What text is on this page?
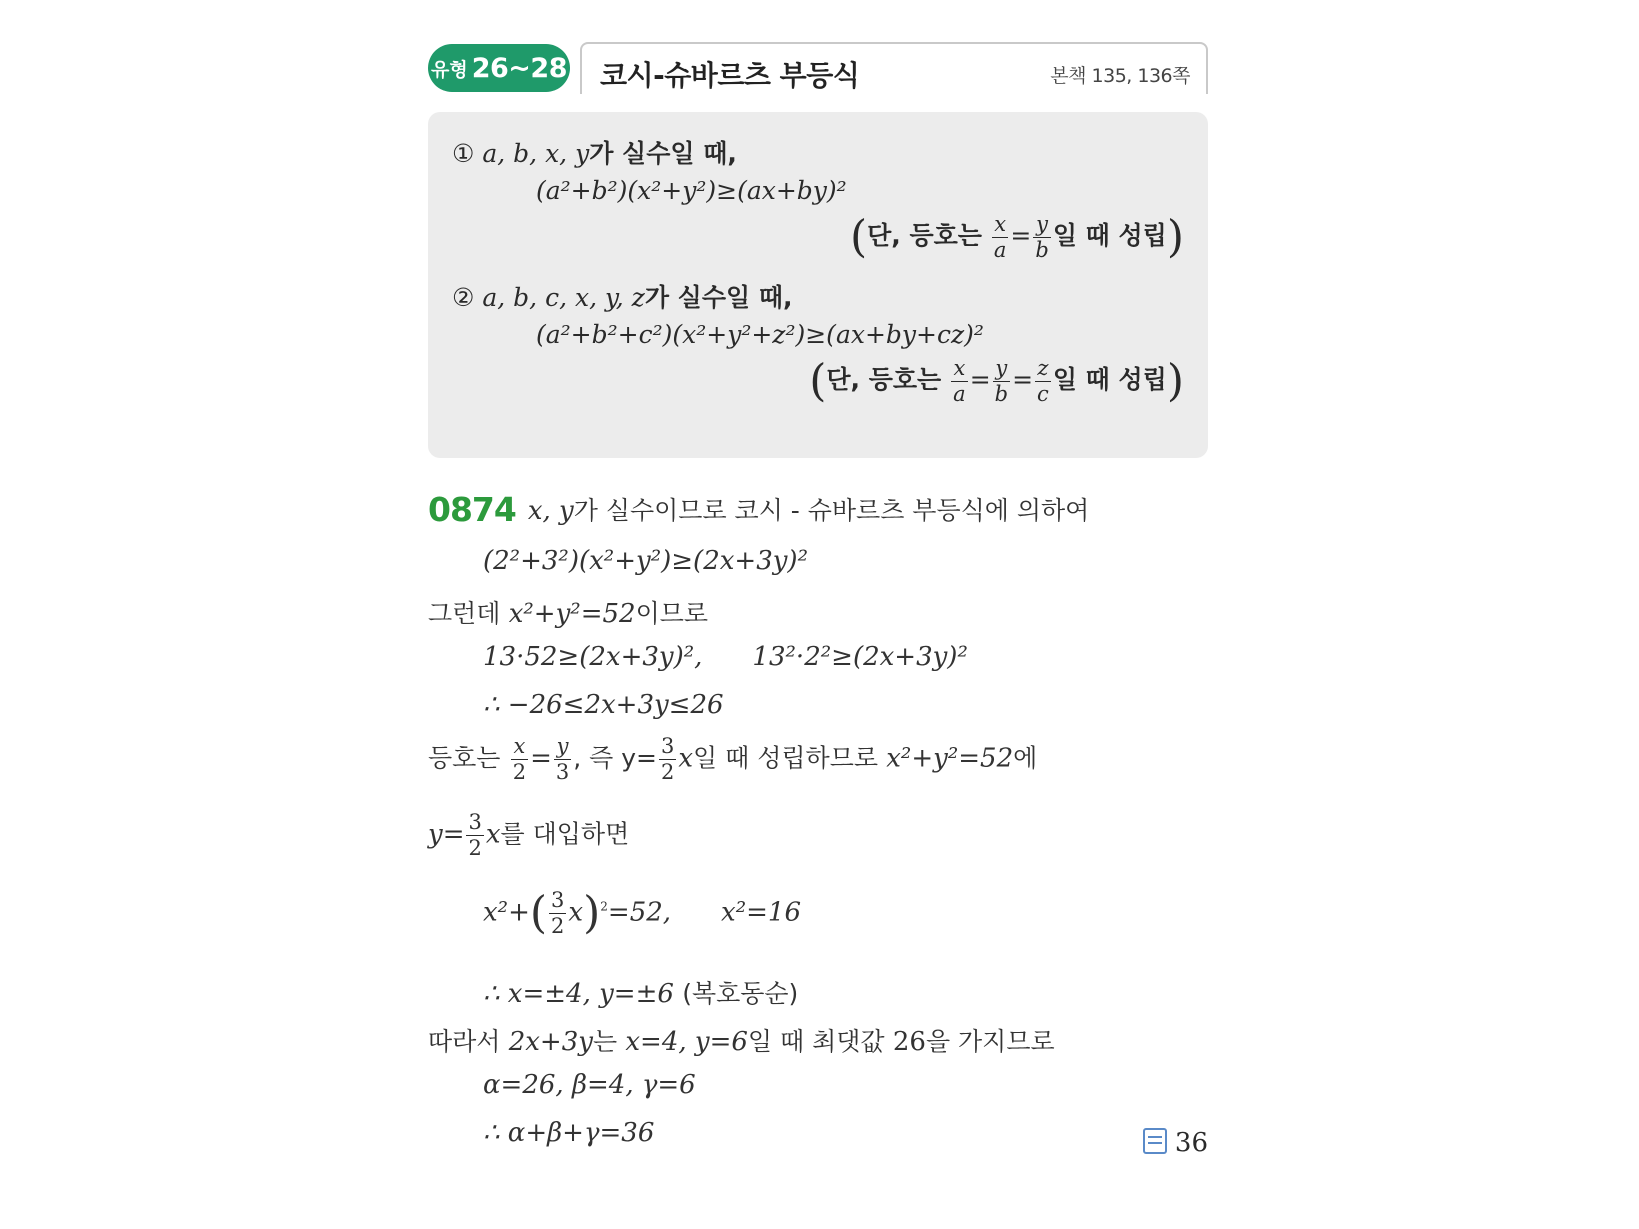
유형 26~28 코시-슈바르츠 부등식	본책 135, 136쪽
① a, b, x, y가 실수일 때,
(a²+b²)(x²+y²)≥(ax+by)²
(단, 등호는 $\frac{x}{a} = \frac{y}{b}$ 일 때 성립)
② a, b, c, x, y, z가 실수일 때,
(a²+b²+c²)(x²+y²+z²)≥(ax+by+cz)²
(단, 등호는 $\frac{x}{a} = \frac{y}{b} = \frac{z}{c}$ 일 때 성립)
0874 x, y가 실수이므로 코시 - 슈바르츠 부등식에 의하여
(2²+3²)(x²+y²)≥(2x+3y)²
그런데 x²+y²=52이므로
13·52≥(2x+3y)², 13²·2²≥(2x+3y)²
∴ −26≤2x+3y≤26
등호는 $\frac{x}{2} = \frac{y}{3}$ , 즉 $y= \frac{3}{2}$ x일 때 성립하므로 x²+y²=52에
$y= \frac{3}{2}$ x를 대입하면
$x^2+( \frac{3}{2} x)^2=52$, x²=16
∴ x=±4, y=±6 (복호동순)
따라서 2x+3y는 x=4, y=6일 때 최댓값 26을 가지므로
α=26, β=4, γ=6
∴ α+β+γ=36	36
